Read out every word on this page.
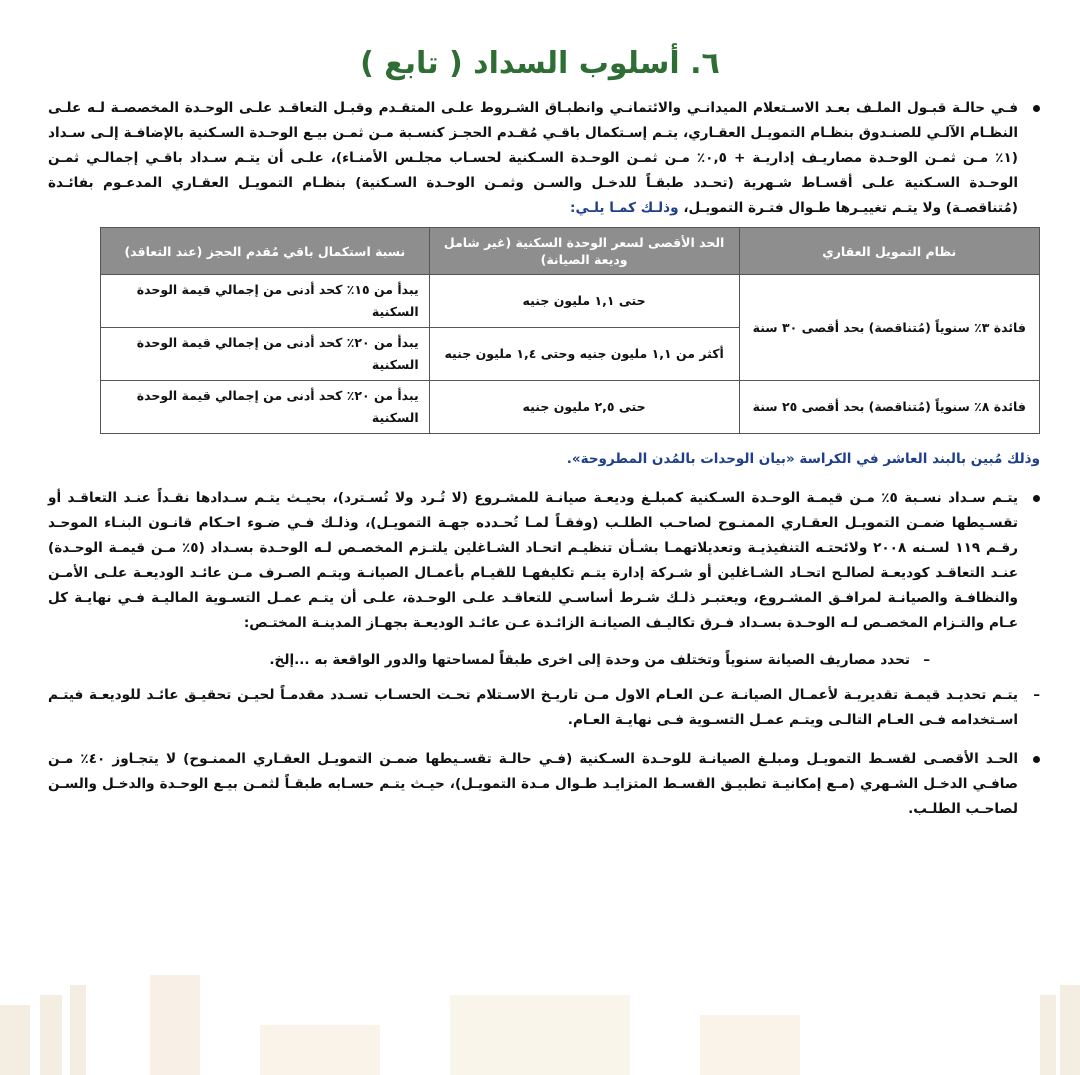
٦. أسلوب السداد ( تابع )
فـي حالـة قبـول الملـف بعـد الاسـتعلام الميدانـي والائتمانـي وانطبـاق الشـروط علـى المتقـدم وقبـل التعاقـد علـى الوحـدة المخصصـة لـه علـى النظـام الآلـي للصنـدوق بنظـام التمويـل العقـاري، يتـم إسـتكمال باقـي مُقـدم الحجـز كنسـبة مـن ثمـن بيـع الوحـدة السـكنية بالإضافـة إلـى سـداد (١٪ مـن ثمـن الوحـدة مصاريـف إداريـة + ٠,٥٪ مـن ثمـن الوحـدة السـكنية لحسـاب مجلـس الأمنـاء)، علـى أن يتـم سـداد باقـي إجمالـي ثمـن الوحـدة السـكنية علـى أقسـاط شـهرية (تحـدد طبقـاً للدخـل والسـن وثمـن الوحـدة السـكنية) بنظـام التمويـل العقـاري المدعـوم بفائـدة (مُتناقصـة) ولا يتـم تغييـرها طـوال فتـرة التمويـل، وذلـك كمـا يلـي:
نظام التمويل العقاري	الحد الأقصى لسعر الوحدة السكنية (غير شامل وديعة الصيانة)	نسبة استكمال باقي مُقدم الحجز (عند التعاقد)
فائدة ٣٪ سنوياً (مُتناقصة) بحد أقصى ٣٠ سنة	حتى ١,١ مليون جنيه	يبدأ من ١٥٪ كحد أدنى من إجمالي قيمة الوحدة السكنية
	أكثر من ١,١ مليون جنيه وحتى ١,٤ مليون جنيه	يبدأ من ٢٠٪ كحد أدنى من إجمالي قيمة الوحدة السكنية
فائدة ٨٪ سنوياً (مُتناقصة) بحد أقصى ٢٥ سنة	حتى ٢,٥ مليون جنيه	يبدأ من ٢٠٪ كحد أدنى من إجمالي قيمة الوحدة السكنية
وذلك مُبين بالبند العاشر في الكراسة «بيان الوحدات بالمُدن المطروحة».
يتـم سـداد نسـبة ٥٪ مـن قيمـة الوحـدة السـكنية كمبلـغ وديعـة صيانـة للمشـروع (لا تُـرد ولا تُسـترد)، بحيـث يتـم سـدادها نقـداً عنـد التعاقـد أو تقسـيطها ضمـن التمويـل العقـاري الممنـوح لصاحـب الطلـب (وفقـاً لمـا تُحـدده جهـة التمويـل)، وذلـك فـي ضـوء احـكام قانـون البنـاء الموحـد رقـم ١١٩ لسـنه ٢٠٠٨ ولائحتـه التنفيذيـة وتعديلاتهمـا بشـأن تنظيـم اتحـاد الشـاغلين يلتـزم المخصـص لـه الوحـدة بسـداد (٥٪ مـن قيمـة الوحـدة) عنـد التعاقـد كوديعـة لصالـح اتحـاد الشـاغلين أو شـركة إدارة يتـم تكليفهـا للقيـام بأعمـال الصيانـة ويتـم الصـرف مـن عائـد الوديعـة علـى الأمـن والنظافـة والصيانـة لمرافـق المشـروع، ويعتبـر ذلـك شـرط أساسـي للتعاقـد علـى الوحـدة، علـى أن يتـم عمـل التسـوية الماليـة فـي نهايـة كل عـام والتـزام المخصـص لـه الوحـدة بسـداد فـرق تكاليـف الصيانـة الزائـدة عـن عائـد الوديعـة بجهـاز المدينـة المختـص:
–
تحدد مصاريف الصيانة سنوياً وتختلف من وحدة إلى اخرى طبقاً لمساحتها والدور الواقعة به ...إلخ.
–
يتـم تحديـد قيمـة تقديريـة لأعمـال الصيانـة عـن العـام الاول مـن تاريـخ الاسـتلام تحـت الحسـاب تسـدد مقدمـاً لحيـن تحقيـق عائـد للوديعـة فيتـم اسـتخدامه فـى العـام التالـى ويتـم عمـل التسـوية فـى نهايـة العـام.
الحـد الأقصـى لقسـط التمويـل ومبلـغ الصيانـة للوحـدة السـكنية (فـي حالـة تقسـيطها ضمـن التمويـل العقـاري الممنـوح) لا يتجـاوز ٤٠٪ مـن صافـي الدخـل الشـهري (مـع إمكانيـة تطبيـق القسـط المتزايـد طـوال مـدة التمويـل)، حيـث يتـم حسـابه طبقـاً لثمـن بيـع الوحـدة والدخـل والسـن لصاحـب الطلـب.
